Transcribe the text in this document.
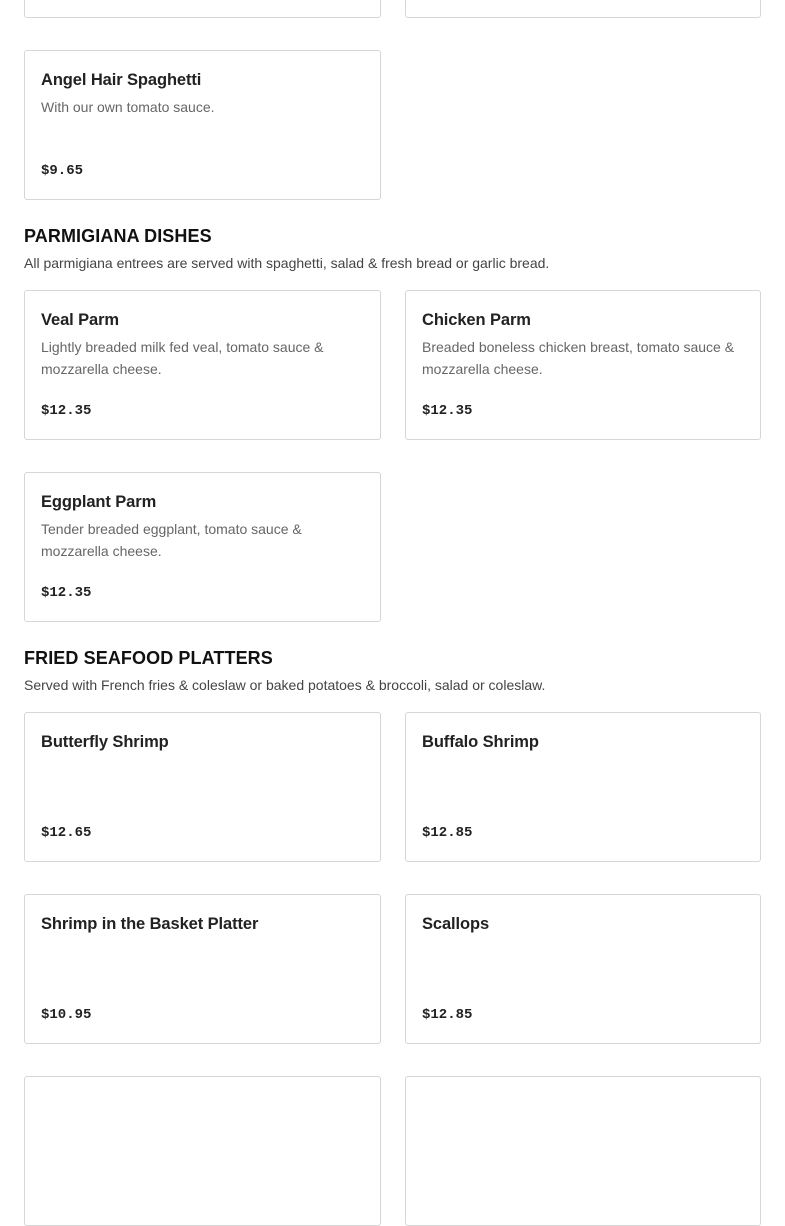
Angel Hair Spaghetti
With our own tomato sauce.
$9.65
PARMIGIANA DISHES

All parmigiana entrees are served with spaghetti, salad & fresh bread or garlic bread.

Veal Parm
Lightly breaded milk fed veal, tomato sauce & mozzarella cheese.
$12.35
Chicken Parm
Breaded boneless chicken breast, tomato sauce & mozzarella cheese.
$12.35
Eggplant Parm
Tender breaded eggplant, tomato sauce & mozzarella cheese.
$12.35
FRIED SEAFOOD PLATTERS

Served with French fries & coleslaw or baked potatoes & broccoli, salad or coleslaw.

Butterfly Shrimp
$12.65
Buffalo Shrimp
$12.85
Shrimp in the Basket Platter
$10.95
Scallops
$12.85
